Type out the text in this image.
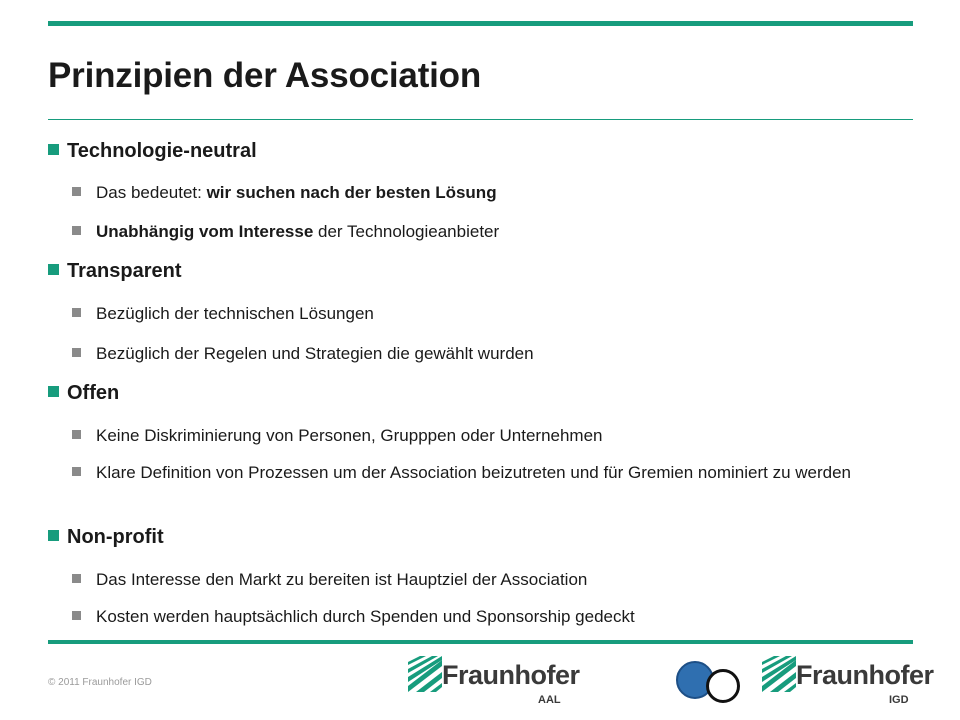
Prinzipien der Association
Technologie-neutral
Das bedeutet: wir suchen nach der besten Lösung
Unabhängig vom Interesse der Technologieanbieter
Transparent
Bezüglich der technischen Lösungen
Bezüglich der Regelen und Strategien die gewählt wurden
Offen
Keine Diskriminierung von Personen, Grupppen oder Unternehmen
Klare Definition von Prozessen um der Association beizutreten und für Gremien nominiert zu werden
Non-profit
Das Interesse den Markt zu bereiten ist Hauptziel der Association
Kosten werden hauptsächlich durch Spenden und Sponsorship gedeckt
© 2011 Fraunhofer IGD	Fraunhofer
AAL
Fraunhofer
IGD
